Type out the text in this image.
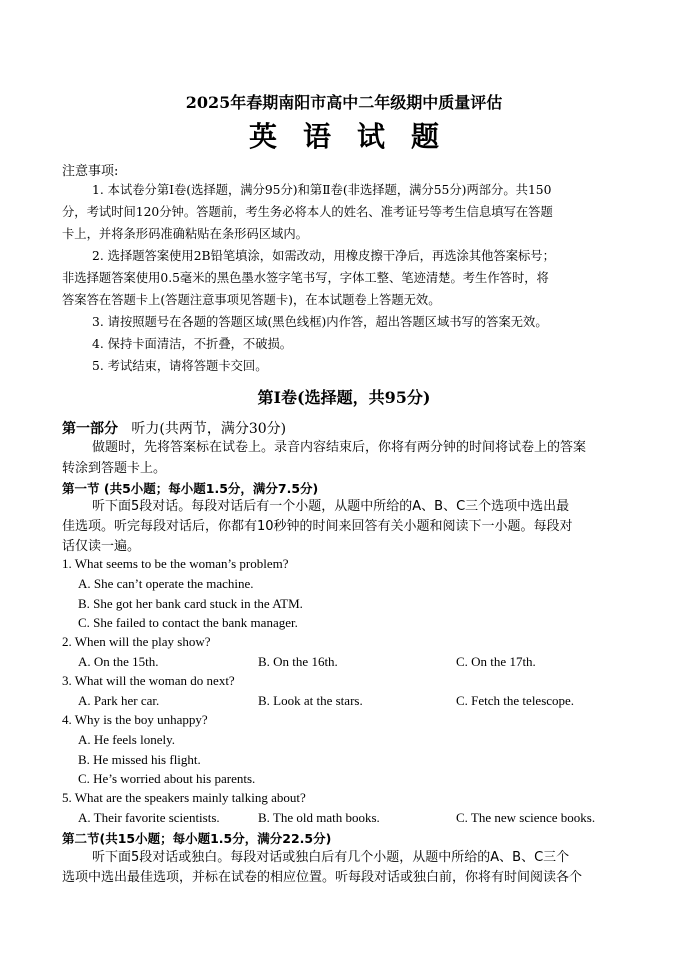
2025年春期南阳市高中二年级期中质量评估
英语试题
注意事项:
1. 本试卷分第Ⅰ卷(选择题，满分95分)和第Ⅱ卷(非选择题，满分55分)两部分。共150
分，考试时间120分钟。答题前，考生务必将本人的姓名、准考证号等考生信息填写在答题
卡上，并将条形码准确粘贴在条形码区域内。
2. 选择题答案使用2B铅笔填涂，如需改动，用橡皮擦干净后，再选涂其他答案标号；
非选择题答案使用0.5毫米的黑色墨水签字笔书写，字体工整、笔迹清楚。考生作答时，将
答案答在答题卡上(答题注意事项见答题卡)，在本试题卷上答题无效。
3. 请按照题号在各题的答题区域(黑色线框)内作答，超出答题区域书写的答案无效。
4. 保持卡面清洁，不折叠，不破损。
5. 考试结束，请将答题卡交回。
第Ⅰ卷(选择题，共95分)
第一部分 听力(共两节，满分30分)
做题时，先将答案标在试卷上。录音内容结束后，你将有两分钟的时间将试卷上的答案
转涂到答题卡上。
第一节 (共5小题；每小题1.5分，满分7.5分)
听下面5段对话。每段对话后有一个小题，从题中所给的A、B、C三个选项中选出最
佳选项。听完每段对话后，你都有10秒钟的时间来回答有关小题和阅读下一小题。每段对
话仅读一遍。
1. What seems to be the woman’s problem?
A. She can’t operate the machine.
B. She got her bank card stuck in the ATM.
C. She failed to contact the bank manager.
2. When will the play show?
A. On the 15th.	B. On the 16th.	C. On the 17th.
3. What will the woman do next?
A. Park her car.	B. Look at the stars.	C. Fetch the telescope.
4. Why is the boy unhappy?
A. He feels lonely.
B. He missed his flight.
C. He’s worried about his parents.
5. What are the speakers mainly talking about?
A. Their favorite scientists.	B. The old math books.	C. The new science books.
第二节(共15小题；每小题1.5分，满分22.5分)
听下面5段对话或独白。每段对话或独白后有几个小题，从题中所给的A、B、C三个
选项中选出最佳选项，并标在试卷的相应位置。听每段对话或独白前，你将有时间阅读各个
